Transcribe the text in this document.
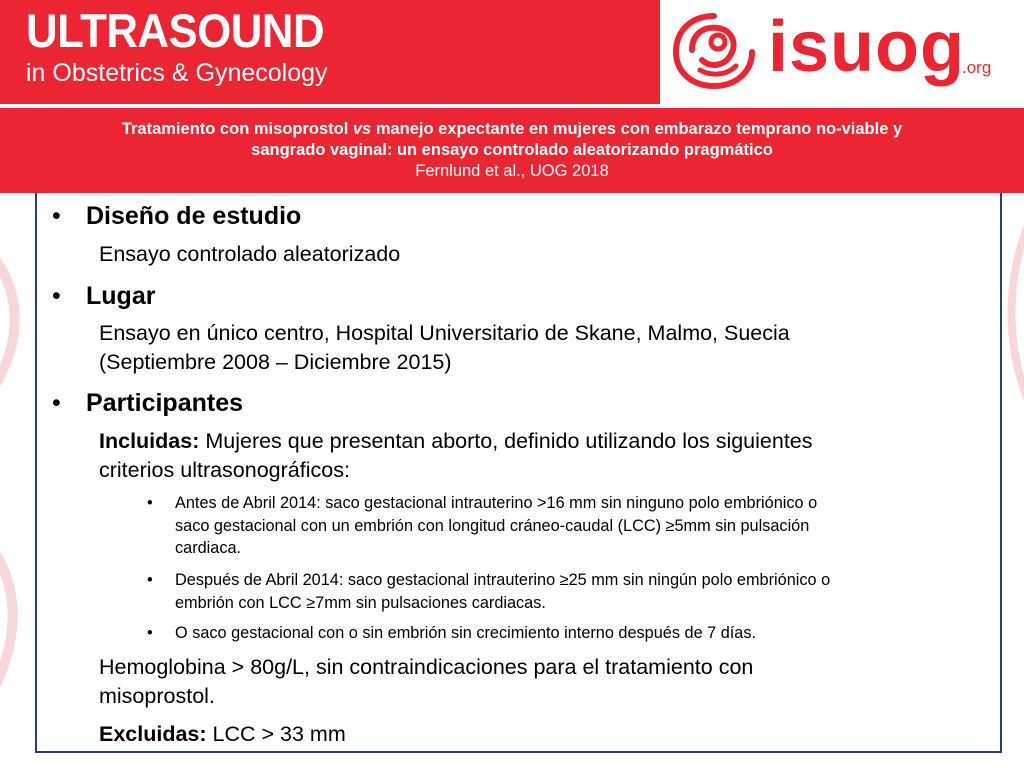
ULTRASOUND
in Obstetrics & Gynecology	isuog
.org
Tratamiento con misoprostol vs manejo expectante en mujeres con embarazo temprano no-viable y
sangrado vaginal: un ensayo controlado aleatorizando pragmático
Fernlund et al., UOG 2018
•	Diseño de estudio
Ensayo controlado aleatorizado
•	Lugar
Ensayo en único centro, Hospital Universitario de Skane, Malmo, Suecia
(Septiembre 2008 – Diciembre 2015)
•	Participantes
Incluidas: Mujeres que presentan aborto, definido utilizando los siguientes
criterios ultrasonográficos:
• Antes de Abril 2014: saco gestacional intrauterino >16 mm sin ninguno polo embriónico o
saco gestacional con un embrión con longitud cráneo-caudal (LCC) ≥5mm sin pulsación
cardiaca.
• Después de Abril 2014: saco gestacional intrauterino ≥25 mm sin ningún polo embriónico o
embrión con LCC ≥7mm sin pulsaciones cardiacas.
• O saco gestacional con o sin embrión sin crecimiento interno después de 7 días.
Hemoglobina > 80g/L, sin contraindicaciones para el tratamiento con
misoprostol.
Excluidas: LCC > 33 mm
